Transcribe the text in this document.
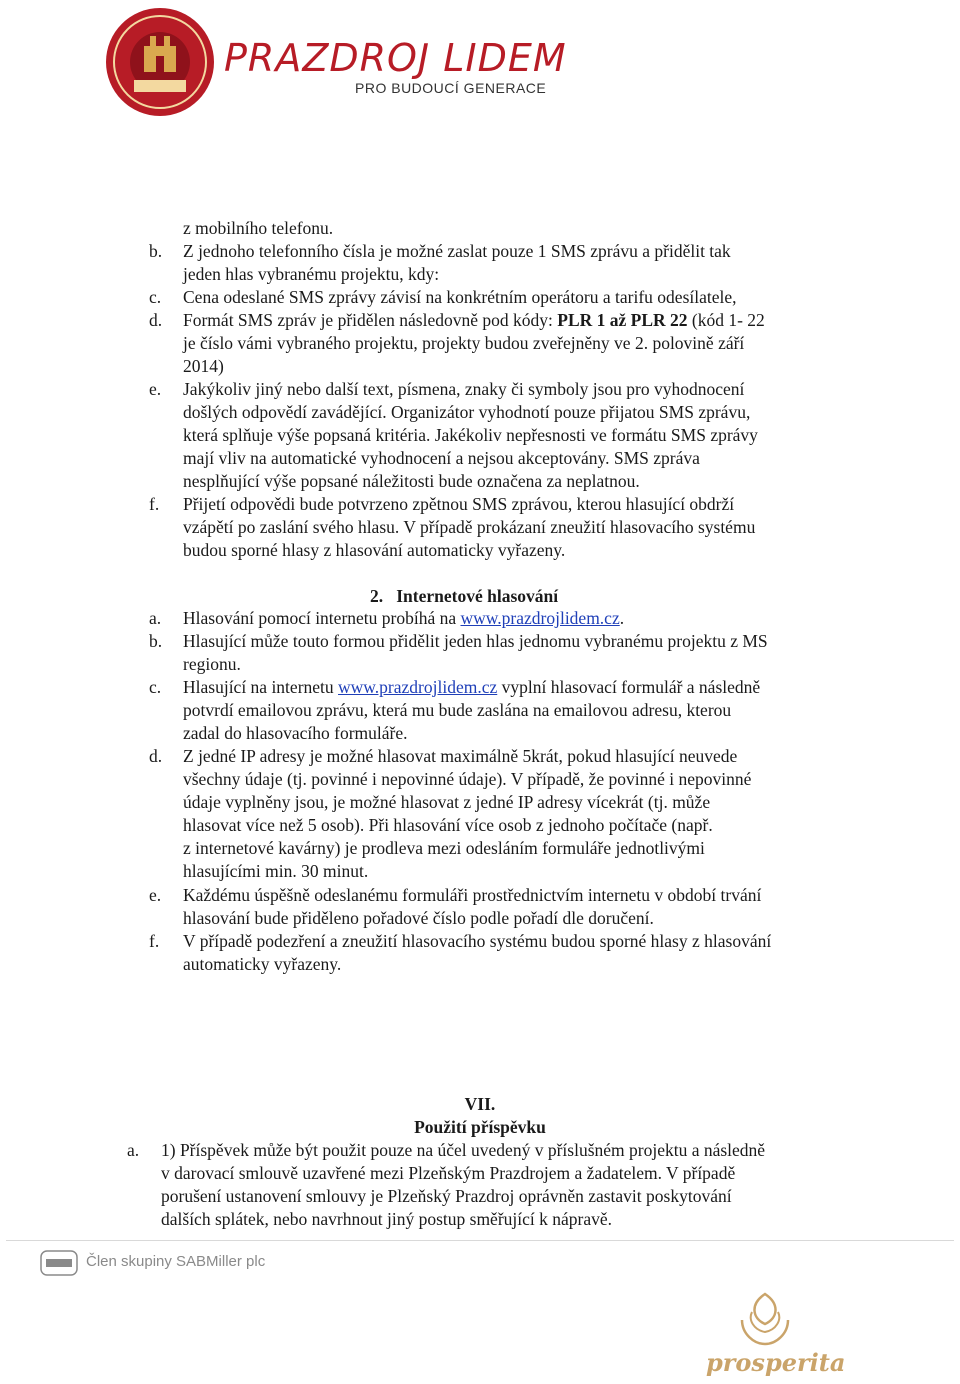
PRAZDROJ LIDEM
PRO BUDOUCÍ GENERACE
z mobilního telefonu.
b. Z jednoho telefonního čísla je možné zaslat pouze 1 SMS zprávu a přidělit tak
jeden hlas vybranému projektu, kdy:
c. Cena odeslané SMS zprávy závisí na konkrétním operátoru a tarifu odesílatele,
d. Formát SMS zpráv je přidělen následovně pod kódy: PLR 1 až PLR 22 (kód 1- 22
je číslo vámi vybraného projektu, projekty budou zveřejněny ve 2. polovině září
2014)
e. Jakýkoliv jiný nebo další text, písmena, znaky či symboly jsou pro vyhodnocení
došlých odpovědí zavádějící. Organizátor vyhodnotí pouze přijatou SMS zprávu,
která splňuje výše popsaná kritéria. Jakékoliv nepřesnosti ve formátu SMS zprávy
mají vliv na automatické vyhodnocení a nejsou akceptovány. SMS zpráva
nesplňující výše popsané náležitosti bude označena za neplatnou.
f. Přijetí odpovědi bude potvrzeno zpětnou SMS zprávou, kterou hlasující obdrží
vzápětí po zaslání svého hlasu. V případě prokázaní zneužití hlasovacího systému
budou sporné hlasy z hlasování automaticky vyřazeny.
2. Internetové hlasování
a. Hlasování pomocí internetu probíhá na www.prazdrojlidem.cz.
b. Hlasující může touto formou přidělit jeden hlas jednomu vybranému projektu z MS
regionu.
c. Hlasující na internetu www.prazdrojlidem.cz vyplní hlasovací formulář a následně
potvrdí emailovou zprávu, která mu bude zaslána na emailovou adresu, kterou
zadal do hlasovacího formuláře.
d. Z jedné IP adresy je možné hlasovat maximálně 5krát, pokud hlasující neuvede
všechny údaje (tj. povinné i nepovinné údaje). V případě, že povinné i nepovinné
údaje vyplněny jsou, je možné hlasovat z jedné IP adresy vícekrát (tj. může
hlasovat více než 5 osob). Při hlasování více osob z jednoho počítače (např.
z internetové kavárny) je prodleva mezi odesláním formuláře jednotlivými
hlasujícími min. 30 minut.
e. Každému úspěšně odeslanému formuláři prostřednictvím internetu v období trvání
hlasování bude přiděleno pořadové číslo podle pořadí dle doručení.
f. V případě podezření a zneužití hlasovacího systému budou sporné hlasy z hlasování
automaticky vyřazeny.
VII.
Použití příspěvku
a. 1) Příspěvek může být použit pouze na účel uvedený v příslušném projektu a následně
v darovací smlouvě uzavřené mezi Plzeňským Prazdrojem a žadatelem. V případě
porušení ustanovení smlouvy je Plzeňský Prazdroj oprávněn zastavit poskytování
dalších splátek, nebo navrhnout jiný postup směřující k nápravě.
Člen skupiny SABMiller plc
prosperita
